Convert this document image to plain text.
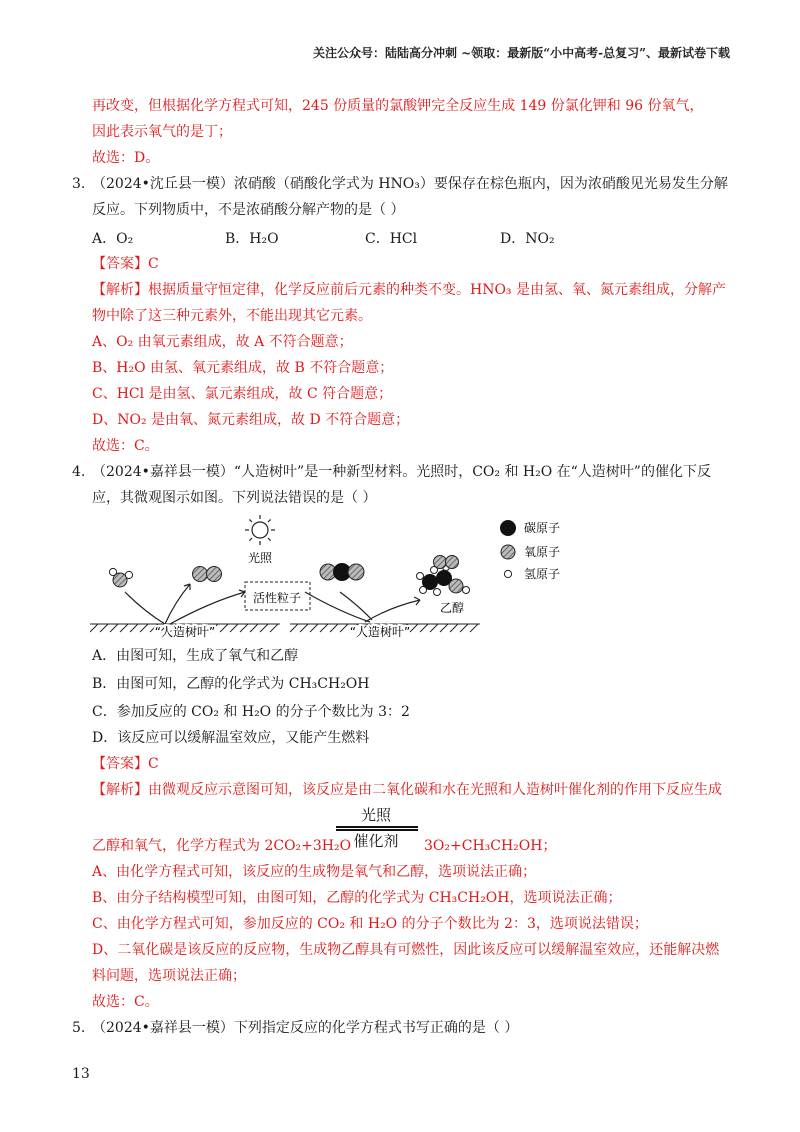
关注公众号：陆陆高分冲刺 ~领取：最新版“小中高考-总复习”、最新试卷下载
再改变，但根据化学方程式可知，245 份质量的氯酸钾完全反应生成 149 份氯化钾和 96 份氧气，
因此表示氧气的是丁；
故选：D。
3. （2024•沈丘县一模）浓硝酸（硝酸化学式为 HNO₃）要保存在棕色瓶内，因为浓硝酸见光易发生分解
反应。下列物质中，不是浓硝酸分解产物的是（ ）
A．O₂	B．H₂O	C．HCl	D．NO₂
【答案】C
【解析】根据质量守恒定律，化学反应前后元素的种类不变。HNO₃ 是由氢、氧、氮元素组成，分解产
物中除了这三种元素外，不能出现其它元素。
A、O₂ 由氧元素组成，故 A 不符合题意；
B、H₂O 由氢、氧元素组成，故 B 不符合题意；
C、HCl 是由氢、氯元素组成，故 C 符合题意；
D、NO₂ 是由氧、氮元素组成，故 D 不符合题意；
故选：C。
4. （2024•嘉祥县一模）“人造树叶”是一种新型材料。光照时，CO₂ 和 H₂O 在“人造树叶”的催化下反
应，其微观图示如图。下列说法错误的是（ ）
光照
活性粒子
乙醇
“人造树叶”	“人造树叶”
碳原子
氧原子
氢原子
A．由图可知，生成了氧气和乙醇
B．由图可知，乙醇的化学式为 CH₃CH₂OH
C．参加反应的 CO₂ 和 H₂O 的分子个数比为 3：2
D．该反应可以缓解温室效应，又能产生燃料
【答案】C
【解析】由微观反应示意图可知，该反应是由二氧化碳和水在光照和人造树叶催化剂的作用下反应生成
光照
催化剂
乙醇和氧气，化学方程式为 2CO₂+3H₂O	3O₂+CH₃CH₂OH；
A、由化学方程式可知，该反应的生成物是氧气和乙醇，选项说法正确；
B、由分子结构模型可知，由图可知，乙醇的化学式为 CH₃CH₂OH，选项说法正确；
C、由化学方程式可知，参加反应的 CO₂ 和 H₂O 的分子个数比为 2：3，选项说法错误；
D、二氧化碳是该反应的反应物，生成物乙醇具有可燃性，因此该反应可以缓解温室效应，还能解决燃
料问题，选项说法正确；
故选：C。
5. （2024•嘉祥县一模）下列指定反应的化学方程式书写正确的是（ ）
13
